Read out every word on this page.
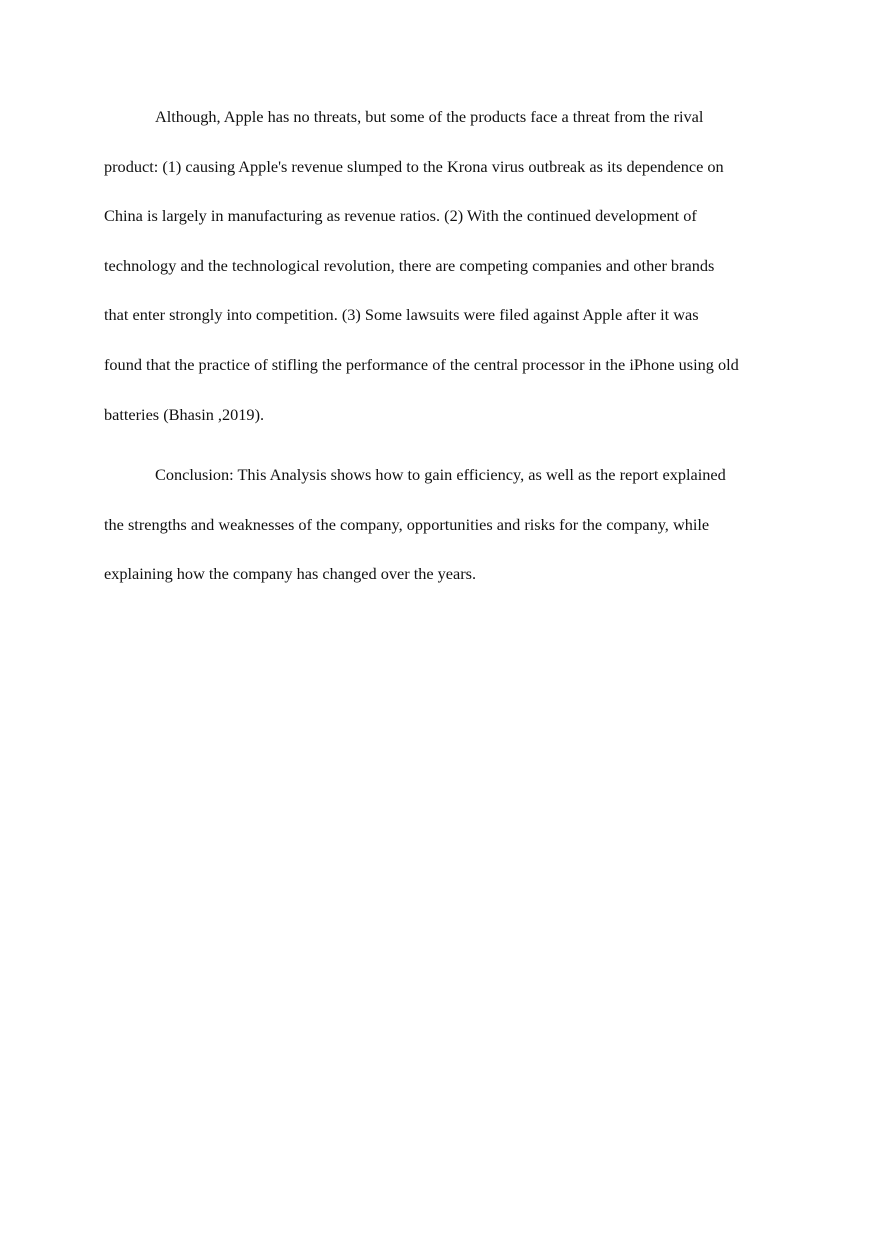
Although, Apple has no threats, but some of the products face a threat from the rival
product: (1) causing Apple's revenue slumped to the Krona virus outbreak as its dependence on
China is largely in manufacturing as revenue ratios. (2) With the continued development of
technology and the technological revolution, there are competing companies and other brands
that enter strongly into competition. (3) Some lawsuits were filed against Apple after it was
found that the practice of stifling the performance of the central processor in the iPhone using old
batteries (Bhasin ,2019).

Conclusion: This Analysis shows how to gain efficiency, as well as the report explained
the strengths and weaknesses of the company, opportunities and risks for the company, while
explaining how the company has changed over the years.
